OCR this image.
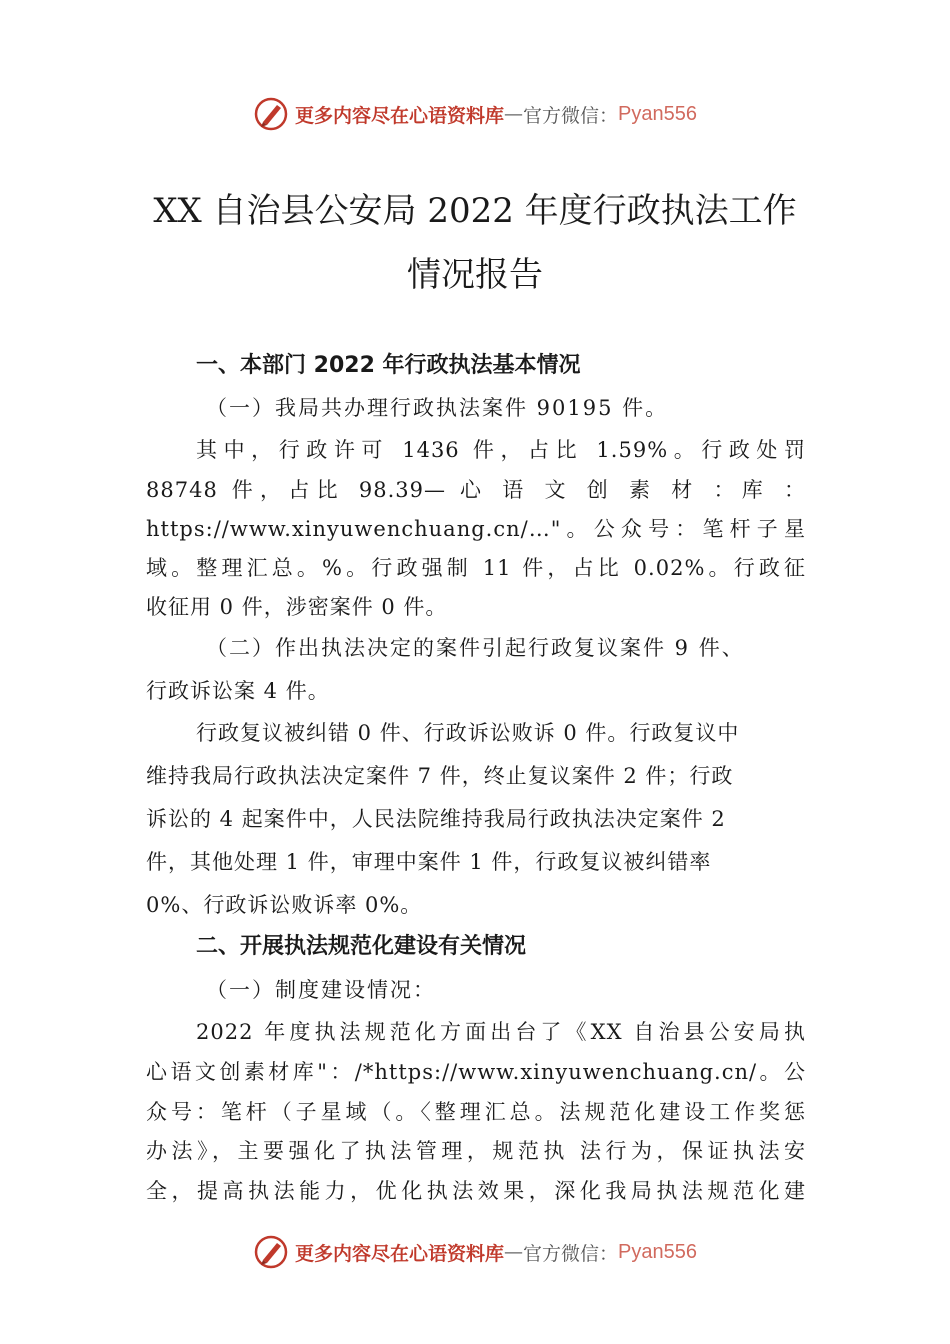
更多内容尽在心语资料库 — 官方微信： Pyan556
XX 自治县公安局 2022 年度行政执法工作
情况报告
一、本部门 2022 年行政执法基本情况
（一）我局共办理行政执法案件 90195 件。
其中，行政许可 1436 件，占比 1.59%。行政处罚
88748 件，占比 98.39— 心 语 文 创 素 材 ：库 ：
https://www.xinyuwenchuang.cn/…"。公众号：笔杆子星
域。整理汇总。%。行政强制 11 件，占比 0.02%。行政征
收征用 0 件，涉密案件 0 件。
（二）作出执法决定的案件引起行政复议案件 9 件、
行政诉讼案 4 件。
行政复议被纠错 0 件、行政诉讼败诉 0 件。行政复议中
维持我局行政执法决定案件 7 件，终止复议案件 2 件；行政
诉讼的 4 起案件中，人民法院维持我局行政执法决定案件 2
件，其他处理 1 件，审理中案件 1 件，行政复议被纠错率
0%、行政诉讼败诉率 0%。
二、开展执法规范化建设有关情况
（一）制度建设情况：
2022 年度执法规范化方面出台了《XX 自治县公安局执
心语文创素材库"：/*https://www.xinyuwenchuang.cn/。公
众号：笔杆（子星域（。〈整理汇总。法规范化建设工作奖惩
办法》，主要强化了执法管理，规范执 法行为，保证执法安
全，提高执法能力，优化执法效果，深化我局执法规范化建
更多内容尽在心语资料库 — 官方微信： Pyan556
